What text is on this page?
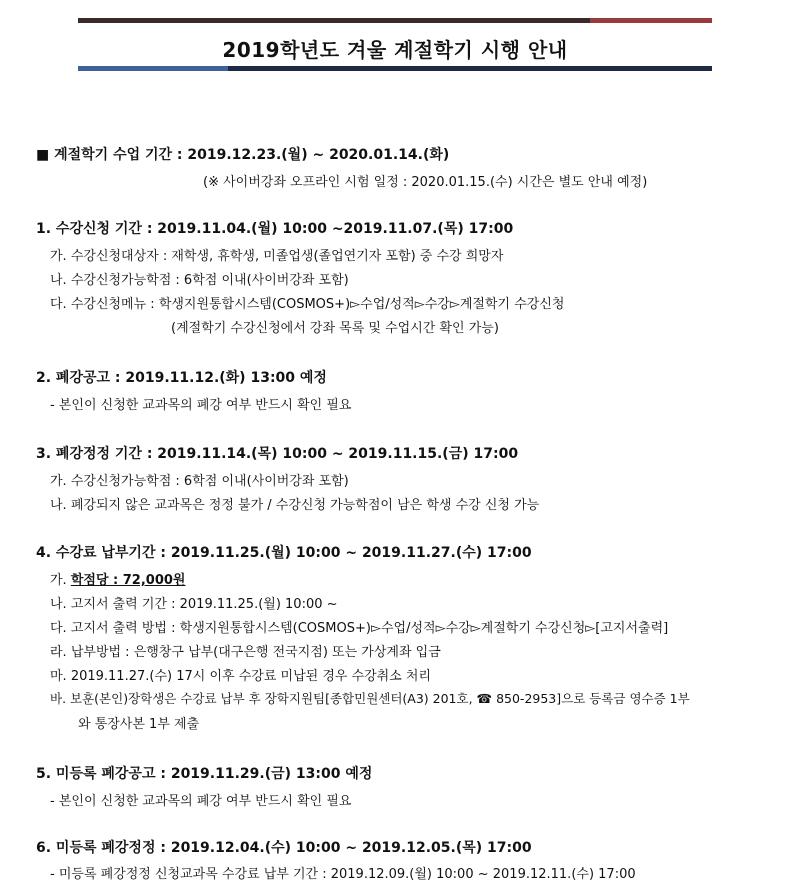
2019학년도 겨울 계절학기 시행 안내
■ 계절학기 수업 기간 : 2019.12.23.(월) ~ 2020.01.14.(화)
(※ 사이버강좌 오프라인 시험 일정 : 2020.01.15.(수) 시간은 별도 안내 예정)
1. 수강신청 기간 : 2019.11.04.(월) 10:00 ~2019.11.07.(목) 17:00
가. 수강신청대상자 : 재학생, 휴학생, 미졸업생(졸업연기자 포함) 중 수강 희망자
나. 수강신청가능학점 : 6학점 이내(사이버강좌 포함)
다. 수강신청메뉴 : 학생지원통합시스템(COSMOS+)▻수업/성적▻수강▻계절학기 수강신청
(계절학기 수강신청에서 강좌 목록 및 수업시간 확인 가능)
2. 폐강공고 : 2019.11.12.(화) 13:00 예정
- 본인이 신청한 교과목의 폐강 여부 반드시 확인 필요
3. 폐강정정 기간 : 2019.11.14.(목) 10:00 ~ 2019.11.15.(금) 17:00
가. 수강신청가능학점 : 6학점 이내(사이버강좌 포함)
나. 폐강되지 않은 교과목은 정정 불가 / 수강신청 가능학점이 남은 학생 수강 신청 가능
4. 수강료 납부기간 : 2019.11.25.(월) 10:00 ~ 2019.11.27.(수) 17:00
가. 학점당 : 72,000원
나. 고지서 출력 기간 : 2019.11.25.(월) 10:00 ~
다. 고지서 출력 방법 : 학생지원통합시스템(COSMOS+)▻수업/성적▻수강▻계절학기 수강신청▻[고지서출력]
라. 납부방법 : 은행창구 납부(대구은행 전국지점) 또는 가상계좌 입금
마. 2019.11.27.(수) 17시 이후 수강료 미납된 경우 수강취소 처리
바. 보훈(본인)장학생은 수강료 납부 후 장학지원팀[종합민원센터(A3) 201호, ☎ 850-2953]으로 등록금 영수증 1부
와 통장사본 1부 제출
5. 미등록 폐강공고 : 2019.11.29.(금) 13:00 예정
- 본인이 신청한 교과목의 폐강 여부 반드시 확인 필요
6. 미등록 폐강정정 : 2019.12.04.(수) 10:00 ~ 2019.12.05.(목) 17:00
- 미등록 폐강정정 신청교과목 수강료 납부 기간 : 2019.12.09.(월) 10:00 ~ 2019.12.11.(수) 17:00
